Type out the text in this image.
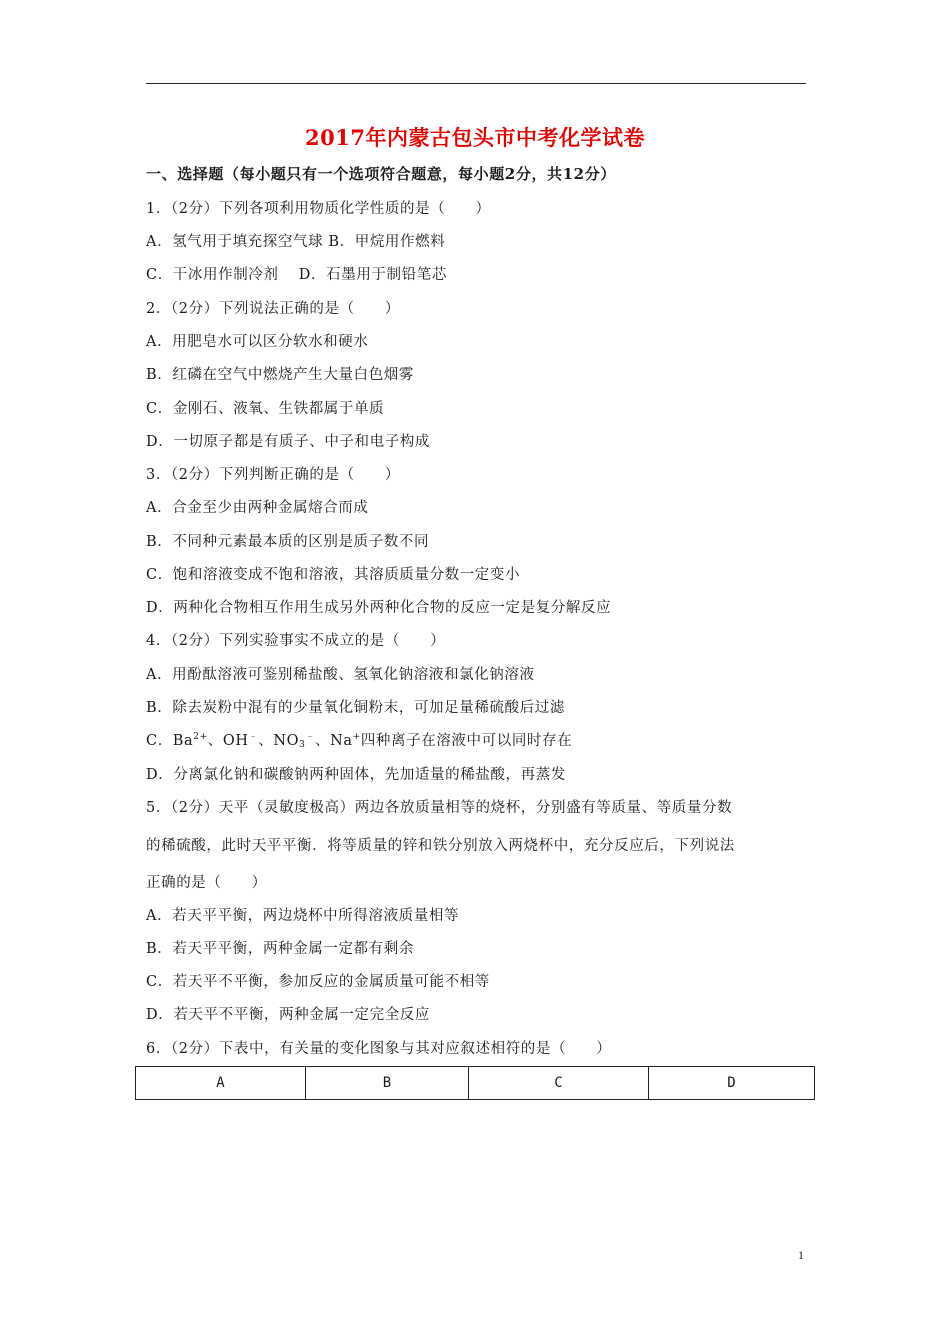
2017年内蒙古包头市中考化学试卷
一、选择题（每小题只有一个选项符合题意，每小题2分，共12分）
1．（2分）下列各项利用物质化学性质的是（　　）
A．氢气用于填充探空气球 B．甲烷用作燃料
C．干冰用作制冷剂　 D．石墨用于制铅笔芯
2．（2分）下列说法正确的是（　　）
A．用肥皂水可以区分软水和硬水
B．红磷在空气中燃烧产生大量白色烟雾
C．金刚石、液氧、生铁都属于单质
D．一切原子都是有质子、中子和电子构成
3．（2分）下列判断正确的是（　　）
A．合金至少由两种金属熔合而成
B．不同种元素最本质的区别是质子数不同
C．饱和溶液变成不饱和溶液，其溶质质量分数一定变小
D．两种化合物相互作用生成另外两种化合物的反应一定是复分解反应
4．（2分）下列实验事实不成立的是（　　）
A．用酚酞溶液可鉴别稀盐酸、氢氧化钠溶液和氯化钠溶液
B．除去炭粉中混有的少量氧化铜粉末，可加足量稀硫酸后过滤
C．$Ba^{2+}$、OH﹣、$NO_3^﹣$、Na+四种离子在溶液中可以同时存在
D．分离氯化钠和碳酸钠两种固体，先加适量的稀盐酸，再蒸发
5．（2分）天平（灵敏度极高）两边各放质量相等的烧杯，分别盛有等质量、等质量分数
的稀硫酸，此时天平平衡．将等质量的锌和铁分别放入两烧杯中，充分反应后，下列说法
正确的是（　　）
A．若天平平衡，两边烧杯中所得溶液质量相等
B．若天平平衡，两种金属一定都有剩余
C．若天平不平衡，参加反应的金属质量可能不相等
D．若天平不平衡，两种金属一定完全反应
6．（2分）下表中，有关量的变化图象与其对应叙述相符的是（　　）
A	B	C	D
1
